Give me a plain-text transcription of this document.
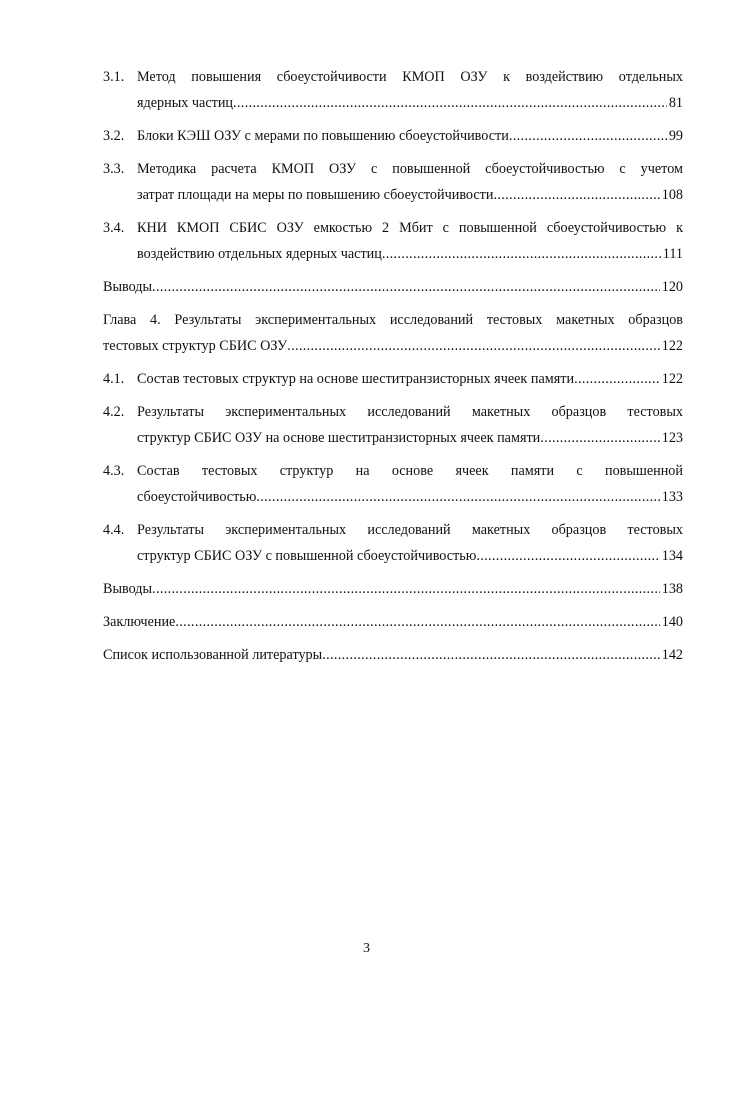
3.1. Метод повышения сбоеустойчивости КМОП ОЗУ к воздействию отдельных
ядерных частиц . . .	81
3.2. Блоки КЭШ ОЗУ с мерами по повышению сбоеустойчивости . . .	99
3.3. Методика расчета КМОП ОЗУ с повышенной сбоеустойчивостью с учетом
затрат площади на меры по повышению сбоеустойчивости . . .	108
3.4. КНИ КМОП СБИС ОЗУ емкостью 2 Мбит с повышенной сбоеустойчивостью к
воздействию отдельных ядерных частиц . . .	111
Выводы . . .	120
Глава 4. Результаты экспериментальных исследований тестовых макетных образцов
тестовых структур СБИС ОЗУ . . .	122
4.1. Состав тестовых структур на основе шеститранзисторных ячеек памяти . . .	122
4.2. Результаты экспериментальных исследований макетных образцов тестовых
структур СБИС ОЗУ на основе шеститранзисторных ячеек памяти . . .	123
4.3. Состав тестовых структур на основе ячеек памяти с повышенной
сбоеустойчивостью . . .	133
4.4. Результаты экспериментальных исследований макетных образцов тестовых
структур СБИС ОЗУ с повышенной сбоеустойчивостью . . .	134
Выводы . . .	138
Заключение . . .	140
Список использованной литературы . . .	142
3
